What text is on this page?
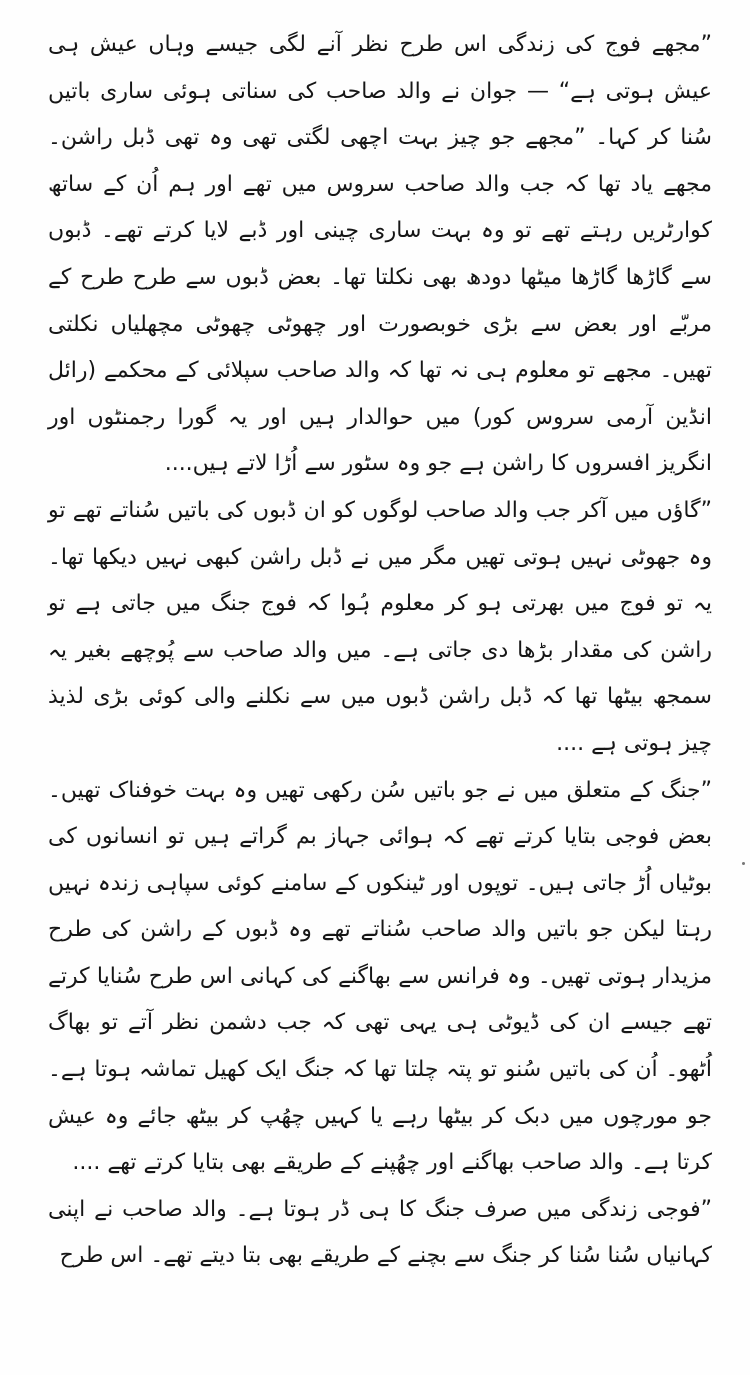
”مجھے فوج کی زندگی اس طرح نظر آنے لگی جیسے وہاں عیش ہی عیش ہوتی ہے“ — جوان نے والد صاحب کی سناتی ہوئی ساری باتیں سُنا کر کہا۔ ”مجھے جو چیز بہت اچھی لگتی تھی وہ تھی ڈبل راشن۔ مجھے یاد تھا کہ جب والد صاحب سروس میں تھے اور ہم اُن کے ساتھ کوارٹریں رہتے تھے تو وہ بہت ساری چینی اور ڈبے لایا کرتے تھے۔ ڈبوں سے گاڑھا گاڑھا میٹھا دودھ بھی نکلتا تھا۔ بعض ڈبوں سے طرح طرح کے مربّے اور بعض سے بڑی خوبصورت اور چھوٹی چھوٹی مچھلیاں نکلتی تھیں۔ مجھے تو معلوم ہی نہ تھا کہ والد صاحب سپلائی کے محکمے (رائل انڈین آرمی سروس کور) میں حوالدار ہیں اور یہ گورا رجمنٹوں اور انگریز افسروں کا راشن ہے جو وہ سٹور سے اُڑا لاتے ہیں....

”گاؤں میں آکر جب والد صاحب لوگوں کو ان ڈبوں کی باتیں سُناتے تھے تو وہ جھوٹی نہیں ہوتی تھیں مگر میں نے ڈبل راشن کبھی نہیں دیکھا تھا۔ یہ تو فوج میں بھرتی ہو کر معلوم ہُوا کہ فوج جنگ میں جاتی ہے تو راشن کی مقدار بڑھا دی جاتی ہے۔ میں والد صاحب سے پُوچھے بغیر یہ سمجھ بیٹھا تھا کہ ڈبل راشن ڈبوں میں سے نکلنے والی کوئی بڑی لذیذ چیز ہوتی ہے ....

”جنگ کے متعلق میں نے جو باتیں سُن رکھی تھیں وہ بہت خوفناک تھیں۔ بعض فوجی بتایا کرتے تھے کہ ہوائی جہاز بم گراتے ہیں تو انسانوں کی بوٹیاں اُڑ جاتی ہیں۔ توپوں اور ٹینکوں کے سامنے کوئی سپاہی زندہ نہیں رہتا لیکن جو باتیں والد صاحب سُناتے تھے وہ ڈبوں کے راشن کی طرح مزیدار ہوتی تھیں۔ وہ فرانس سے بھاگنے کی کہانی اس طرح سُنایا کرتے تھے جیسے ان کی ڈیوٹی ہی یہی تھی کہ جب دشمن نظر آتے تو بھاگ اُٹھو۔ اُن کی باتیں سُنو تو پتہ چلتا تھا کہ جنگ ایک کھیل تماشہ ہوتا ہے۔ جو مورچوں میں دبک کر بیٹھا رہے یا کہیں چھُپ کر بیٹھ جائے وہ عیش کرتا ہے۔ والد صاحب بھاگنے اور چھُپنے کے طریقے بھی بتایا کرتے تھے ....

”فوجی زندگی میں صرف جنگ کا ہی ڈر ہوتا ہے۔ والد صاحب نے اپنی کہانیاں سُنا سُنا کر جنگ سے بچنے کے طریقے بھی بتا دیتے تھے۔ اس طرح
